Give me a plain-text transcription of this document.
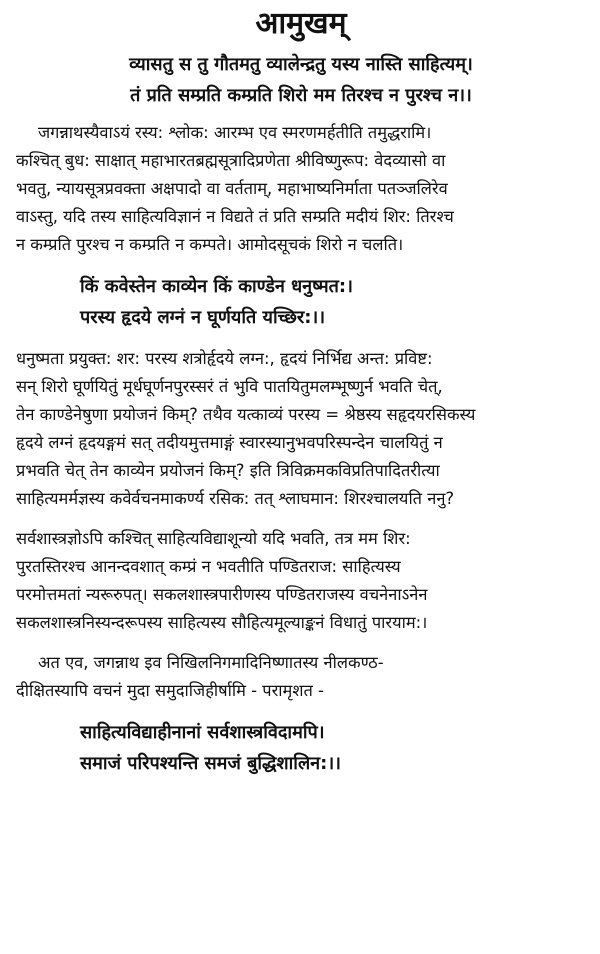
आमुखम्
व्यासतु स तु गौतमतु व्यालेन्द्रतु यस्य नास्ति साहित्यम्।
तं प्रति सम्प्रति कम्प्रति शिरो मम तिरश्च न पुरश्च न।।
जगन्नाथस्यैवाऽयं रस्य: श्लोक: आरम्भ एव स्मरणमर्हतीति तमुद्धरामि।
कश्चित् बुध: साक्षात् महाभारतब्रह्मसूत्रादिप्रणेता श्रीविष्णुरूप: वेदव्यासो वा
भवतु, न्यायसूत्रप्रवक्ता अक्षपादो वा वर्तताम्, महाभाष्यनिर्माता पतञ्जलिरेव
वाऽस्तु, यदि तस्य साहित्यविज्ञानं न विद्यते तं प्रति सम्प्रति मदीयं शिर: तिरश्च
न कम्प्रति पुरश्च न कम्प्रति न कम्पते। आमोदसूचकं शिरो न चलति।
किं कवेस्तेन काव्येन किं काण्डेन धनुष्मत:।
परस्य हृदये लग्नं न घूर्णयति यच्छिर:।।
धनुष्मता प्रयुक्त: शर: परस्य शत्रोर्हृदये लग्न:, हृदयं निर्भिद्य अन्त: प्रविष्ट:
सन् शिरो घूर्णयितुं मूर्धघूर्णनपुरस्सरं तं भुवि पातयितुमलम्भूष्णुर्न भवति चेत्,
तेन काण्डेनेषुणा प्रयोजनं किम्? तथैव यत्काव्यं परस्य = श्रेष्ठस्य सहृदयरसिकस्य
हृदये लग्नं हृदयङ्गमं सत् तदीयमुत्तमाङ्गं स्वारस्यानुभवपरिस्पन्देन चालयितुं न
प्रभवति चेत् तेन काव्येन प्रयोजनं किम्? इति त्रिविक्रमकविप्रतिपादितरीत्या
साहित्यमर्मज्ञस्य कवेर्वचनमाकर्ण्य रसिक: तत् श्लाघमान: शिरश्चालयति ननु?
सर्वशास्त्रज्ञोऽपि कश्चित् साहित्यविद्याशून्यो यदि भवति, तत्र मम शिर:
पुरतस्तिरश्च आनन्दवशात् कम्प्रं न भवतीति पण्डितराज: साहित्यस्य
परमोत्तमतां न्यरूरुपत्। सकलशास्त्रपारीणस्य पण्डितराजस्य वचनेनाऽनेन
सकलशास्त्रनिस्यन्दरूपस्य साहित्यस्य सौहित्यमूल्याङ्कनं विधातुं पारयाम:।
अत एव, जगन्नाथ इव निखिलनिगमादिनिष्णातस्य नीलकण्ठ-
दीक्षितस्यापि वचनं मुदा समुदाजिहीर्षामि - परामृशत -
साहित्यविद्याहीनानां सर्वशास्त्रविदामपि।
समाजं परिपश्यन्ति समजं बुद्धिशालिन:।।
